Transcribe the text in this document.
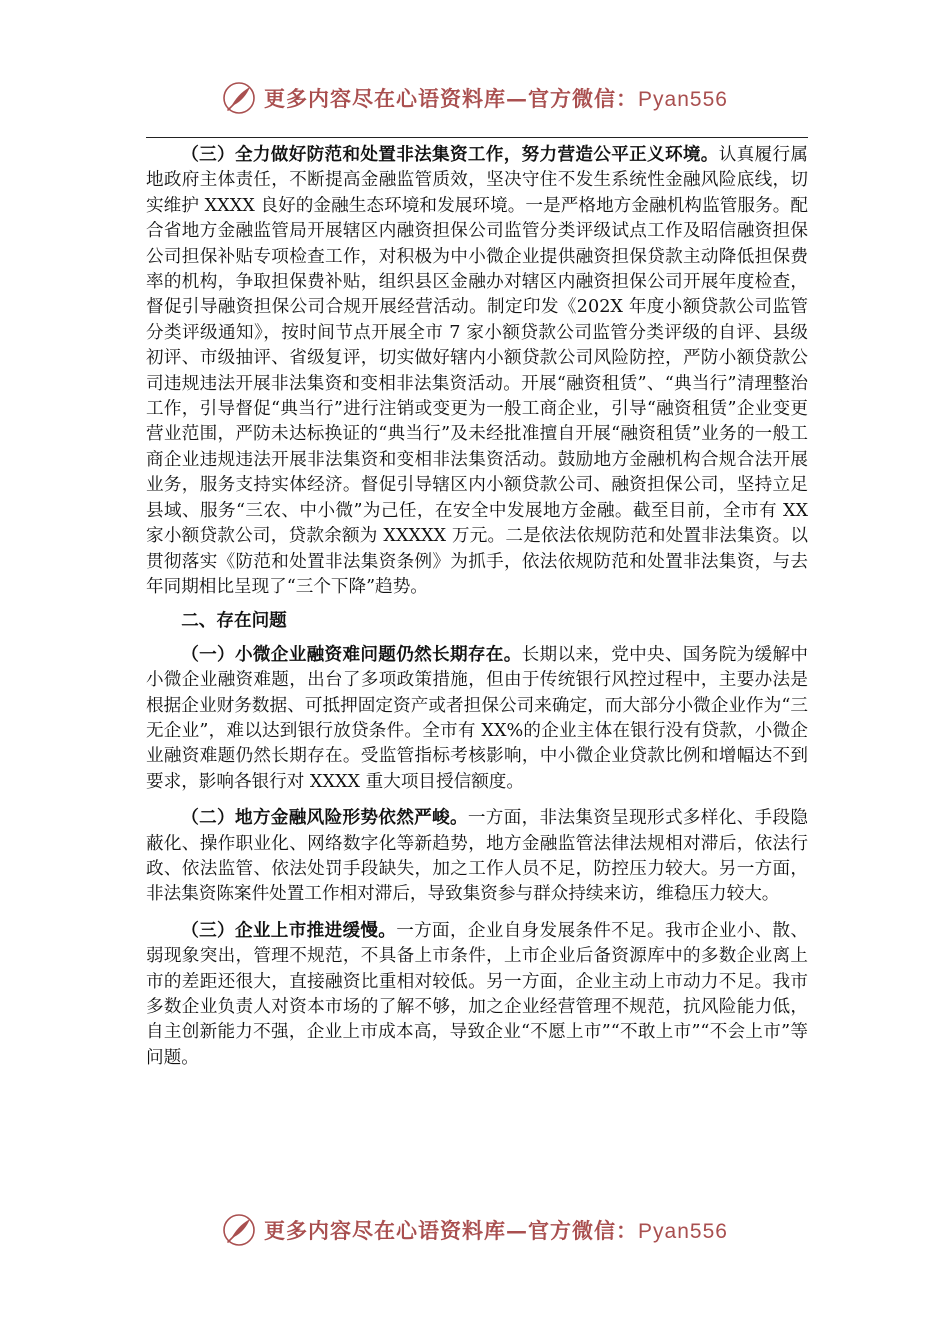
更多内容尽在心语资料库—官方微信：Pyan556

（三）全力做好防范和处置非法集资工作，努力营造公平正义环境。认真履行属地政府主体责任，不断提高金融监管质效，坚决守住不发生系统性金融风险底线，切实维护 XXXX 良好的金融生态环境和发展环境。一是严格地方金融机构监管服务。配合省地方金融监管局开展辖区内融资担保公司监管分类评级试点工作及昭信融资担保公司担保补贴专项检查工作，对积极为中小微企业提供融资担保贷款主动降低担保费率的机构，争取担保费补贴，组织县区金融办对辖区内融资担保公司开展年度检查，督促引导融资担保公司合规开展经营活动。制定印发《202X 年度小额贷款公司监管分类评级通知》，按时间节点开展全市 7 家小额贷款公司监管分类评级的自评、县级初评、市级抽评、省级复评，切实做好辖内小额贷款公司风险防控，严防小额贷款公司违规违法开展非法集资和变相非法集资活动。开展“融资租赁”、“典当行”清理整治工作，引导督促“典当行”进行注销或变更为一般工商企业，引导“融资租赁”企业变更营业范围，严防未达标换证的“典当行”及未经批准擅自开展“融资租赁”业务的一般工商企业违规违法开展非法集资和变相非法集资活动。鼓励地方金融机构合规合法开展业务，服务支持实体经济。督促引导辖区内小额贷款公司、融资担保公司，坚持立足县域、服务“三农、中小微”为己任，在安全中发展地方金融。截至目前，全市有 XX 家小额贷款公司，贷款余额为 XXXXX 万元。二是依法依规防范和处置非法集资。以贯彻落实《防范和处置非法集资条例》为抓手，依法依规防范和处置非法集资，与去年同期相比呈现了“三个下降”趋势。

二、存在问题

（一）小微企业融资难问题仍然长期存在。长期以来，党中央、国务院为缓解中小微企业融资难题，出台了多项政策措施，但由于传统银行风控过程中，主要办法是根据企业财务数据、可抵押固定资产或者担保公司来确定，而大部分小微企业作为“三无企业”，难以达到银行放贷条件。全市有 XX%的企业主体在银行没有贷款，小微企业融资难题仍然长期存在。受监管指标考核影响，中小微企业贷款比例和增幅达不到要求，影响各银行对 XXXX 重大项目授信额度。

（二）地方金融风险形势依然严峻。一方面，非法集资呈现形式多样化、手段隐蔽化、操作职业化、网络数字化等新趋势，地方金融监管法律法规相对滞后，依法行政、依法监管、依法处罚手段缺失，加之工作人员不足，防控压力较大。另一方面，非法集资陈案件处置工作相对滞后，导致集资参与群众持续来访，维稳压力较大。

（三）企业上市推进缓慢。一方面，企业自身发展条件不足。我市企业小、散、弱现象突出，管理不规范，不具备上市条件，上市企业后备资源库中的多数企业离上市的差距还很大，直接融资比重相对较低。另一方面，企业主动上市动力不足。我市多数企业负责人对资本市场的了解不够，加之企业经营管理不规范，抗风险能力低，自主创新能力不强，企业上市成本高，导致企业“不愿上市”“不敢上市”“不会上市”等问题。

更多内容尽在心语资料库—官方微信：Pyan556
